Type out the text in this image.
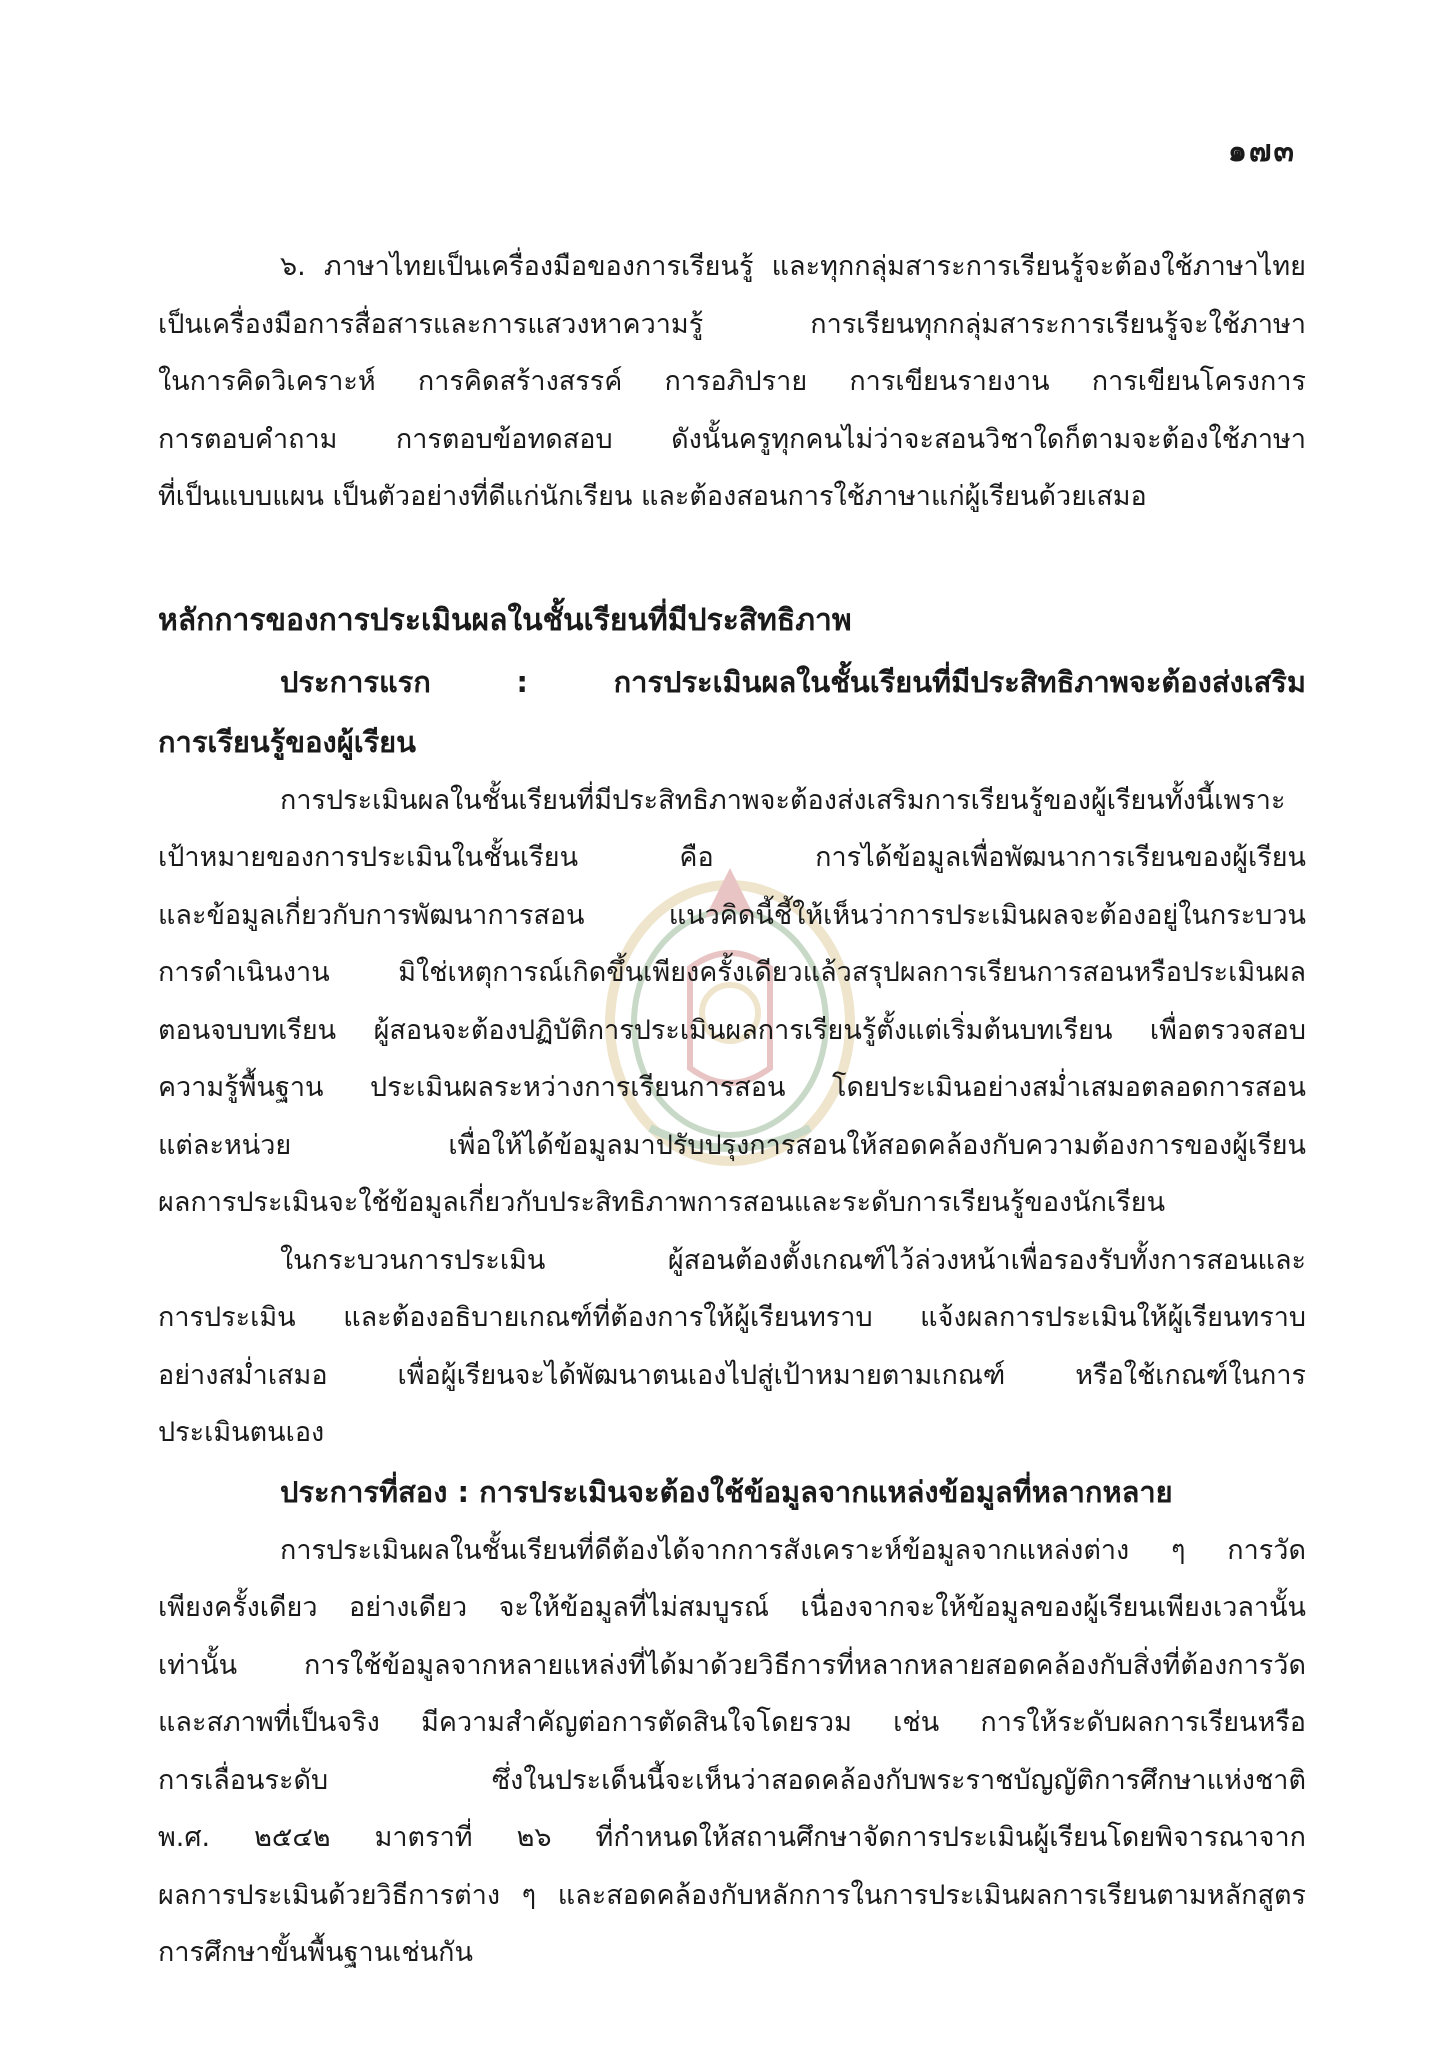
๑๗๓

๖. ภาษาไทยเป็นเครื่องมือของการเรียนรู้ และทุกกลุ่มสาระการเรียนรู้จะต้องใช้ภาษาไทย

เป็นเครื่องมือการสื่อสารและการแสวงหาความรู้ การเรียนทุกกลุ่มสาระการเรียนรู้จะใช้ภาษา

ในการคิดวิเคราะห์ การคิดสร้างสรรค์ การอภิปราย การเขียนรายงาน การเขียนโครงการ

การตอบคำถาม การตอบข้อทดสอบ ดังนั้นครูทุกคนไม่ว่าจะสอนวิชาใดก็ตามจะต้องใช้ภาษา

ที่เป็นแบบแผน เป็นตัวอย่างที่ดีแก่นักเรียน และต้องสอนการใช้ภาษาแก่ผู้เรียนด้วยเสมอ

หลักการของการประเมินผลในชั้นเรียนที่มีประสิทธิภาพ

ประการแรก : การประเมินผลในชั้นเรียนที่มีประสิทธิภาพจะต้องส่งเสริม

การเรียนรู้ของผู้เรียน

การประเมินผลในชั้นเรียนที่มีประสิทธิภาพจะต้องส่งเสริมการเรียนรู้ของผู้เรียนทั้งนี้เพราะ

เป้าหมายของการประเมินในชั้นเรียน คือ การได้ข้อมูลเพื่อพัฒนาการเรียนของผู้เรียน

และข้อมูลเกี่ยวกับการพัฒนาการสอน แนวคิดนี้ชี้ให้เห็นว่าการประเมินผลจะต้องอยู่ในกระบวน

การดำเนินงาน มิใช่เหตุการณ์เกิดขึ้นเพียงครั้งเดียวแล้วสรุปผลการเรียนการสอนหรือประเมินผล

ตอนจบบทเรียน ผู้สอนจะต้องปฏิบัติการประเมินผลการเรียนรู้ตั้งแต่เริ่มต้นบทเรียน เพื่อตรวจสอบ

ความรู้พื้นฐาน ประเมินผลระหว่างการเรียนการสอน โดยประเมินอย่างสม่ำเสมอตลอดการสอน

แต่ละหน่วย เพื่อให้ได้ข้อมูลมาปรับปรุงการสอนให้สอดคล้องกับความต้องการของผู้เรียน

ผลการประเมินจะใช้ข้อมูลเกี่ยวกับประสิทธิภาพการสอนและระดับการเรียนรู้ของนักเรียน

ในกระบวนการประเมิน ผู้สอนต้องตั้งเกณฑ์ไว้ล่วงหน้าเพื่อรองรับทั้งการสอนและ

การประเมิน และต้องอธิบายเกณฑ์ที่ต้องการให้ผู้เรียนทราบ แจ้งผลการประเมินให้ผู้เรียนทราบ

อย่างสม่ำเสมอ เพื่อผู้เรียนจะได้พัฒนาตนเองไปสู่เป้าหมายตามเกณฑ์ หรือใช้เกณฑ์ในการ

ประเมินตนเอง

ประการที่สอง : การประเมินจะต้องใช้ข้อมูลจากแหล่งข้อมูลที่หลากหลาย

การประเมินผลในชั้นเรียนที่ดีต้องได้จากการสังเคราะห์ข้อมูลจากแหล่งต่าง ๆ การวัด

เพียงครั้งเดียว อย่างเดียว จะให้ข้อมูลที่ไม่สมบูรณ์ เนื่องจากจะให้ข้อมูลของผู้เรียนเพียงเวลานั้น

เท่านั้น การใช้ข้อมูลจากหลายแหล่งที่ได้มาด้วยวิธีการที่หลากหลายสอดคล้องกับสิ่งที่ต้องการวัด

และสภาพที่เป็นจริง มีความสำคัญต่อการตัดสินใจโดยรวม เช่น การให้ระดับผลการเรียนหรือ

การเลื่อนระดับ ซึ่งในประเด็นนี้จะเห็นว่าสอดคล้องกับพระราชบัญญัติการศึกษาแห่งชาติ

พ.ศ. ๒๕๔๒ มาตราที่ ๒๖ ที่กำหนดให้สถานศึกษาจัดการประเมินผู้เรียนโดยพิจารณาจาก

ผลการประเมินด้วยวิธีการต่าง ๆ และสอดคล้องกับหลักการในการประเมินผลการเรียนตามหลักสูตร

การศึกษาขั้นพื้นฐานเช่นกัน
